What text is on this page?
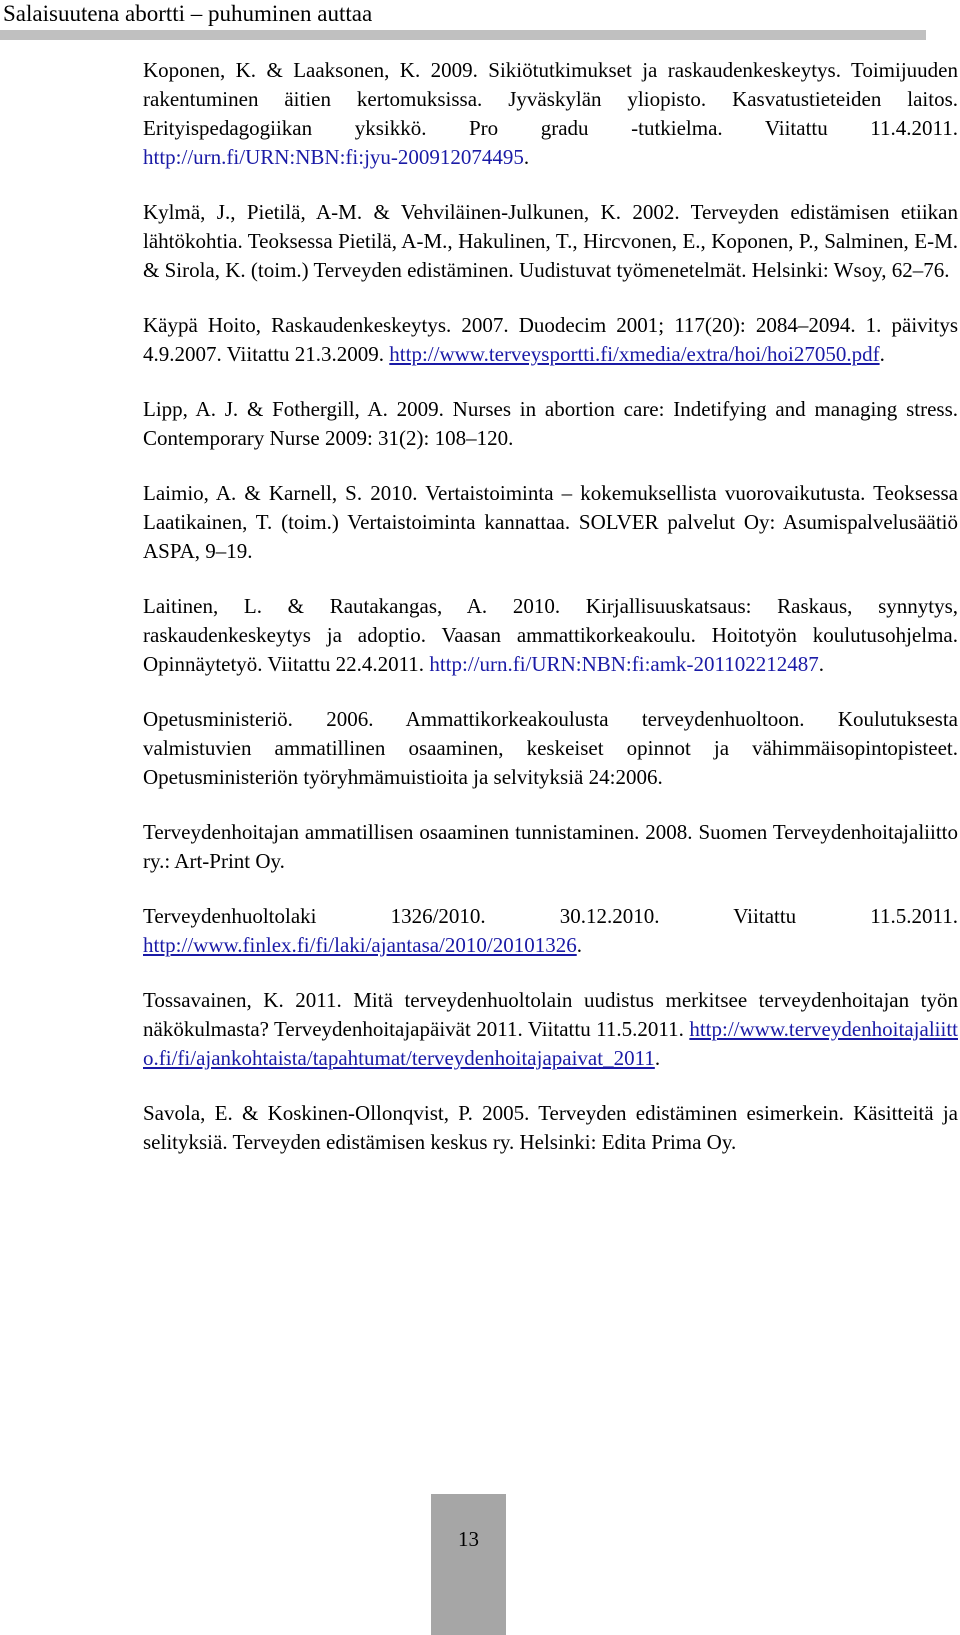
Salaisuutena abortti – puhuminen auttaa

Koponen, K. & Laaksonen, K. 2009. Sikiötutkimukset ja raskaudenkeskeytys. Toimijuuden rakentuminen äitien kertomuksissa. Jyväskylän yliopisto. Kasvatustieteiden laitos. Erityispedagogiikan yksikkö. Pro gradu -tutkielma. Viitattu 11.4.2011. http://urn.fi/URN:NBN:fi:jyu-200912074495.

Kylmä, J., Pietilä, A-M. & Vehviläinen-Julkunen, K. 2002. Terveyden edistämisen etiikan lähtökohtia. Teoksessa Pietilä, A-M., Hakulinen, T., Hircvonen, E., Koponen, P., Salminen, E-M. & Sirola, K. (toim.) Terveyden edistäminen. Uudistuvat työmenetelmät. Helsinki: Wsoy, 62–76.

Käypä Hoito, Raskaudenkeskeytys. 2007. Duodecim 2001; 117(20): 2084–2094. 1. päivitys 4.9.2007. Viitattu 21.3.2009. http://www.terveysportti.fi/xmedia/extra/hoi/hoi27050.pdf.

Lipp, A. J. & Fothergill, A. 2009. Nurses in abortion care: Indetifying and managing stress. Contemporary Nurse 2009: 31(2): 108–120.

Laimio, A. & Karnell, S. 2010. Vertaistoiminta – kokemuksellista vuorovaikutusta. Teoksessa Laatikainen, T. (toim.) Vertaistoiminta kannattaa. SOLVER palvelut Oy: Asumispalvelusäätiö ASPA, 9–19.

Laitinen, L. & Rautakangas, A. 2010. Kirjallisuuskatsaus: Raskaus, synnytys, raskaudenkeskeytys ja adoptio. Vaasan ammattikorkeakoulu. Hoitotyön koulutusohjelma. Opinnäytetyö. Viitattu 22.4.2011. http://urn.fi/URN:NBN:fi:amk-201102212487.

Opetusministeriö. 2006. Ammattikorkeakoulusta terveydenhuoltoon. Koulutuksesta valmistuvien ammatillinen osaaminen, keskeiset opinnot ja vähimmäisopintopisteet. Opetusministeriön työryhmämuistioita ja selvityksiä 24:2006.

Terveydenhoitajan ammatillisen osaaminen tunnistaminen. 2008. Suomen Terveydenhoitajaliitto ry.: Art-Print Oy.

Terveydenhuoltolaki 1326/2010. 30.12.2010. Viitattu 11.5.2011. http://www.finlex.fi/fi/laki/ajantasa/2010/20101326.

Tossavainen, K. 2011. Mitä terveydenhuoltolain uudistus merkitsee terveydenhoitajan työn näkökulmasta? Terveydenhoitajapäivät 2011. Viitattu 11.5.2011. http://www.terveydenhoitajaliitto.fi/fi/ajankohtaista/tapahtumat/terveydenhoitajapaivat_2011.

Savola, E. & Koskinen-Ollonqvist, P. 2005. Terveyden edistäminen esimerkein. Käsitteitä ja selityksiä. Terveyden edistämisen keskus ry. Helsinki: Edita Prima Oy.

13
